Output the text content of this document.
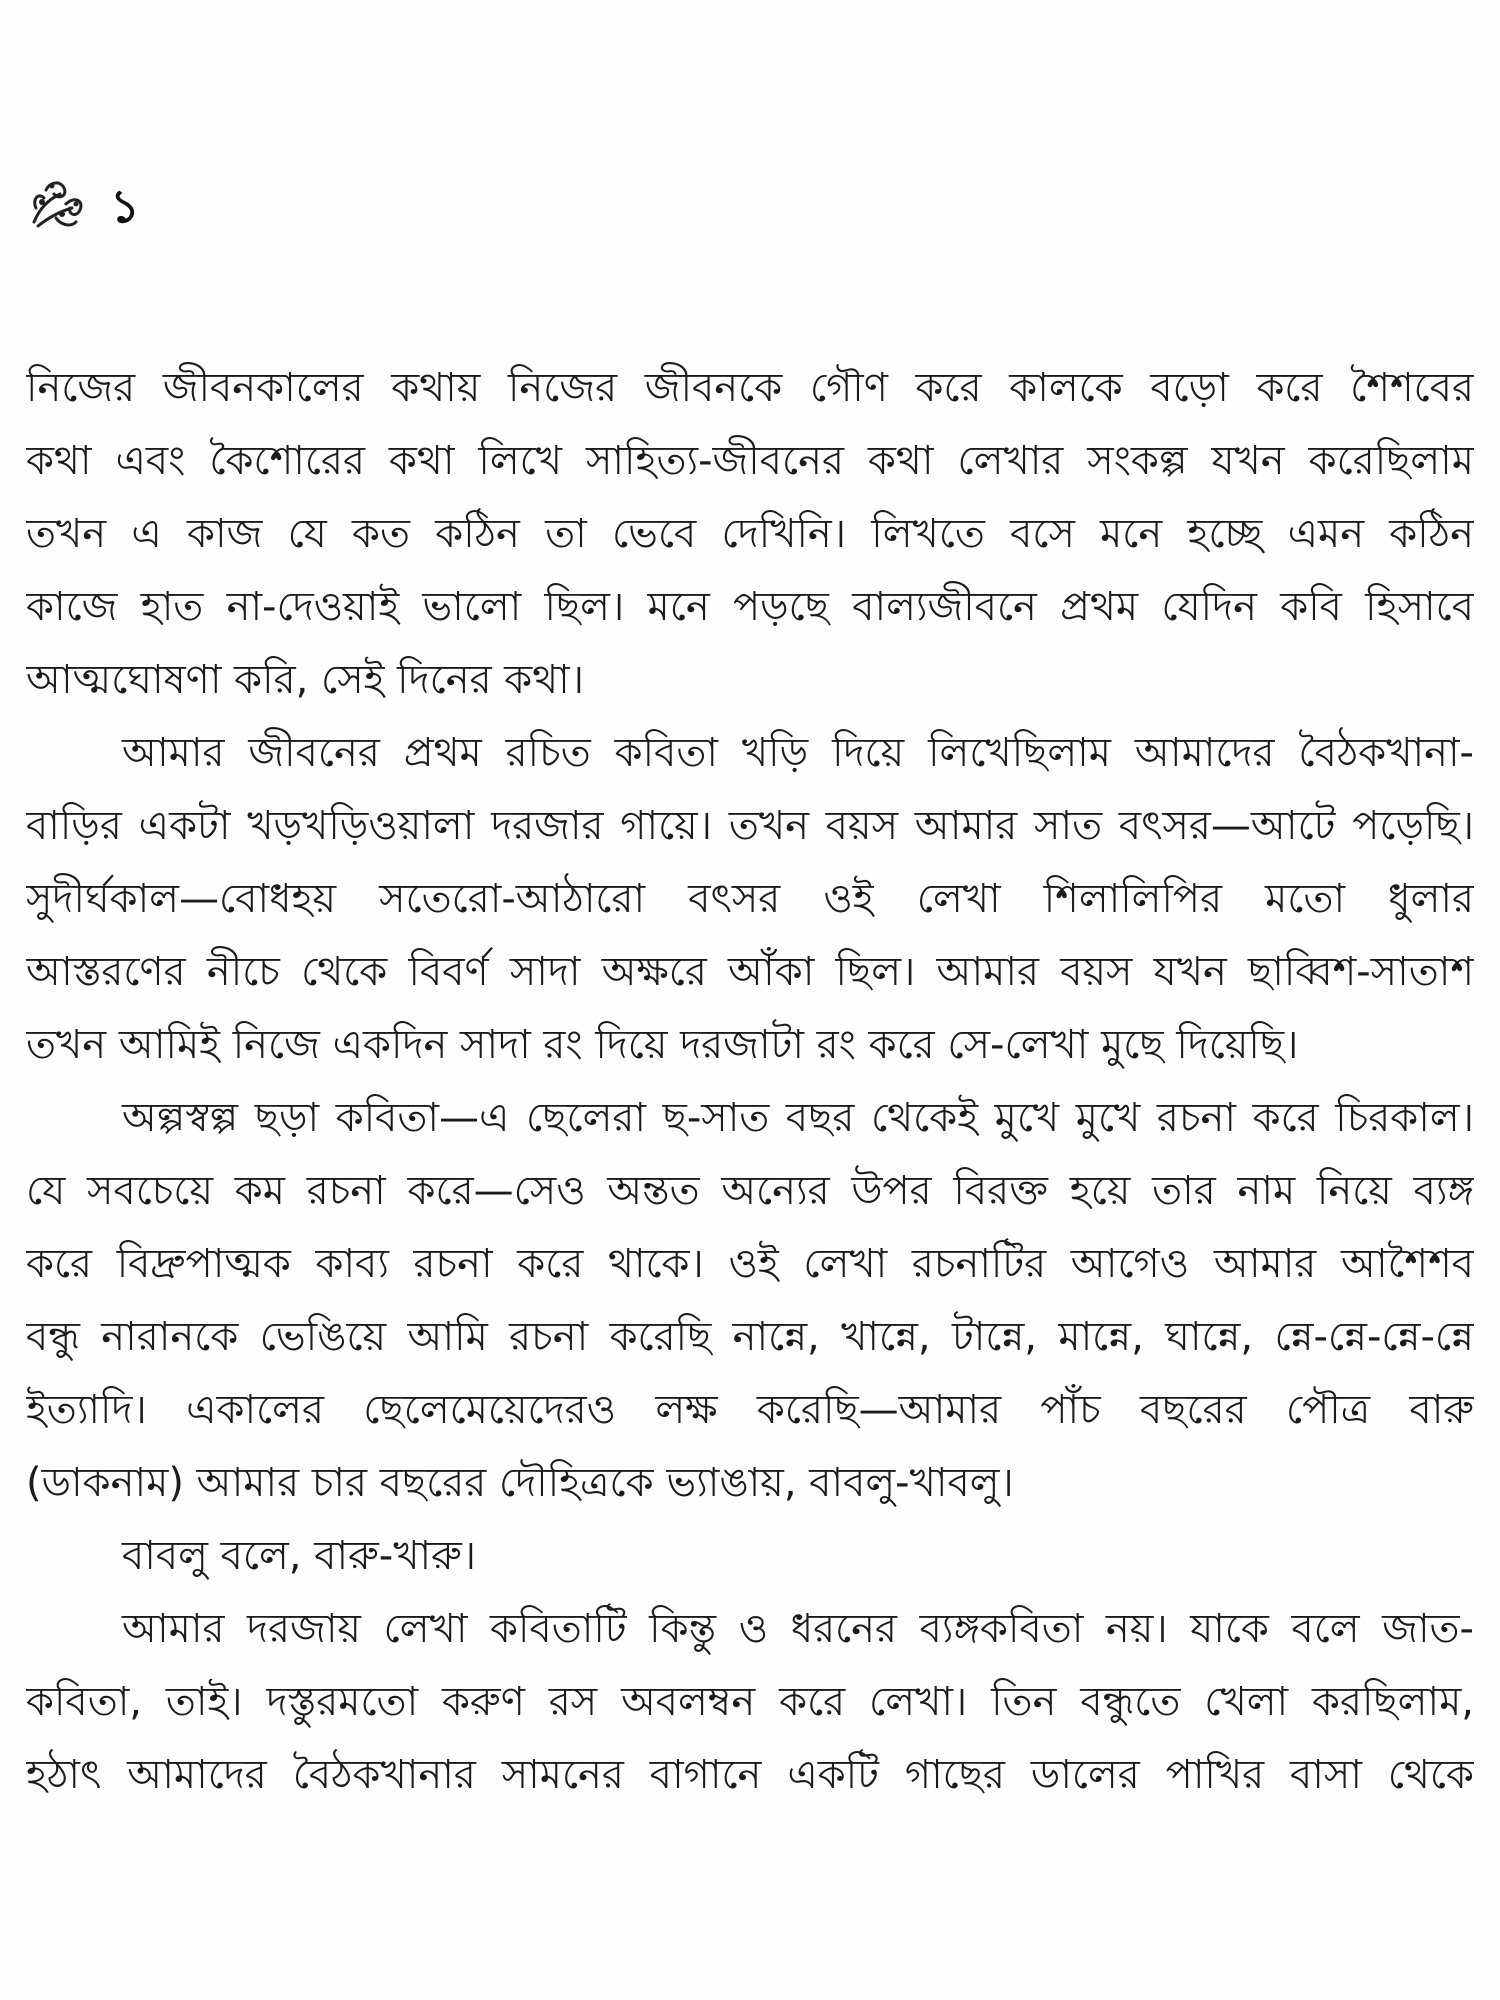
১
নিজের জীবনকালের কথায় নিজের জীবনকে গৌণ করে কালকে বড়ো করে শৈশবের
কথা এবং কৈশোরের কথা লিখে সাহিত্য-জীবনের কথা লেখার সংকল্প যখন করেছিলাম
তখন এ কাজ যে কত কঠিন তা ভেবে দেখিনি। লিখতে বসে মনে হচ্ছে এমন কঠিন
কাজে হাত না-দেওয়াই ভালো ছিল। মনে পড়ছে বাল্যজীবনে প্রথম যেদিন কবি হিসাবে
আত্মঘোষণা করি, সেই দিনের কথা।
আমার জীবনের প্রথম রচিত কবিতা খড়ি দিয়ে লিখেছিলাম আমাদের বৈঠকখানা-
বাড়ির একটা খড়খড়িওয়ালা দরজার গায়ে। তখন বয়স আমার সাত বৎসর—আটে পড়েছি।
সুদীর্ঘকাল—বোধহয় সতেরো-আঠারো বৎসর ওই লেখা শিলালিপির মতো ধুলার
আস্তরণের নীচে থেকে বিবর্ণ সাদা অক্ষরে আঁকা ছিল। আমার বয়স যখন ছাব্বিশ-সাতাশ
তখন আমিই নিজে একদিন সাদা রং দিয়ে দরজাটা রং করে সে-লেখা মুছে দিয়েছি।
অল্পস্বল্প ছড়া কবিতা—এ ছেলেরা ছ-সাত বছর থেকেই মুখে মুখে রচনা করে চিরকাল।
যে সবচেয়ে কম রচনা করে—সেও অন্তত অন্যের উপর বিরক্ত হয়ে তার নাম নিয়ে ব্যঙ্গ
করে বিদ্রুপাত্মক কাব্য রচনা করে থাকে। ওই লেখা রচনাটির আগেও আমার আশৈশব
বন্ধু নারানকে ভেঙিয়ে আমি রচনা করেছি নান্নে, খান্নে, টান্নে, মান্নে, ঘান্নে, ন্নে-ন্নে-ন্নে-ন্নে
ইত্যাদি। একালের ছেলেমেয়েদেরও লক্ষ করেছি—আমার পাঁচ বছরের পৌত্র বারু
(ডাকনাম) আমার চার বছরের দৌহিত্রকে ভ্যাঙায়, বাবলু-খাবলু।
বাবলু বলে, বারু-খারু।
আমার দরজায় লেখা কবিতাটি কিন্তু ও ধরনের ব্যঙ্গকবিতা নয়। যাকে বলে জাত-
কবিতা, তাই। দস্তুরমতো করুণ রস অবলম্বন করে লেখা। তিন বন্ধুতে খেলা করছিলাম,
হঠাৎ আমাদের বৈঠকখানার সামনের বাগানে একটি গাছের ডালের পাখির বাসা থেকে
